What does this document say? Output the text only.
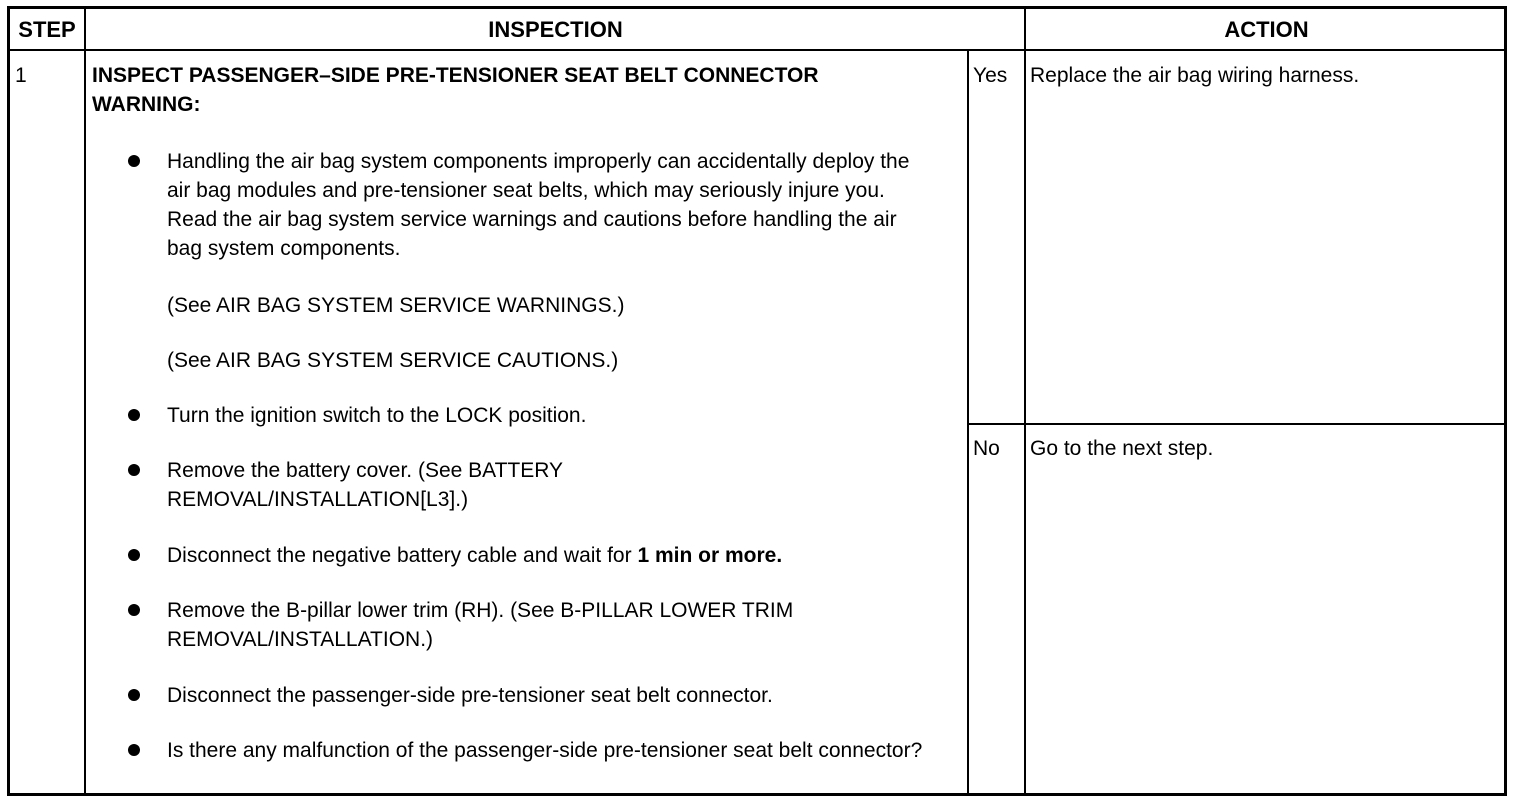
STEP	INSPECTION	ACTION
1	INSPECT PASSENGER–SIDE PRE-TENSIONER SEAT BELT CONNECTOR
WARNING:
Handling the air bag system components improperly can accidentally deploy the air bag modules and pre-tensioner seat belts, which may seriously injure you. Read the air bag system service warnings and cautions before handling the air bag system components.
(See AIR BAG SYSTEM SERVICE WARNINGS.)
(See AIR BAG SYSTEM SERVICE CAUTIONS.)
Turn the ignition switch to the LOCK position.
Remove the battery cover. (See BATTERY REMOVAL/INSTALLATION[L3].)
Disconnect the negative battery cable and wait for 1 min or more.
Remove the B-pillar lower trim (RH). (See B-PILLAR LOWER TRIM REMOVAL/INSTALLATION.)
Disconnect the passenger-side pre-tensioner seat belt connector.
Is there any malfunction of the passenger-side pre-tensioner seat belt connector?
Yes Replace the air bag wiring harness.
No Go to the next step.
